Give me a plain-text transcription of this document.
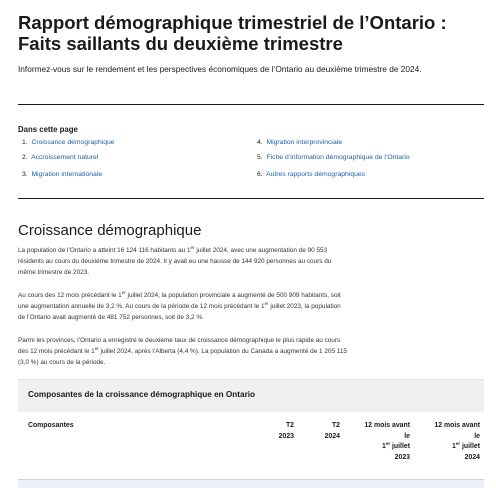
Rapport démographique trimestriel de l’Ontario : Faits saillants du deuxième trimestre
Informez-vous sur le rendement et les perspectives économiques de l’Ontario au deuxième trimestre de 2024.
Dans cette page
1. Croissance démographique
2. Accroissement naturel
3. Migration internationale
4. Migration interprovinciale
5. Fiche d’information démographique de l’Ontario
6. Autres rapports démographiques
Croissance démographique
La population de l’Ontario a atteint 16 124 116 habitants au 1er juillet 2024, avec une augmentation de 90 553 résidents au cours du deuxième trimestre de 2024. Il y avait eu une hausse de 144 920 personnes au cours du même trimestre de 2023.
Au cours des 12 mois précédant le 1er juillet 2024, la population provinciale a augmenté de 500 909 habitants, soit une augmentation annuelle de 3,2 %. Au cours de la période de 12 mois précédant le 1er juillet 2023, la population de l’Ontario avait augmenté de 481 752 personnes, soit de 3,2 %.
Parmi les provinces, l’Ontario a enregistré le deuxième taux de croissance démographique le plus rapide au cours des 12 mois précédant le 1er juillet 2024, après l’Alberta (4,4 %). La population du Canada a augmenté de 1 205 115 (3,0 %) au cours de la période.
Composantes de la croissance démographique en Ontario
Composantes	T2
2023
T2
2024
12 mois avant
le
1er juillet
2023
12 mois avant
le
1er juillet
2024
